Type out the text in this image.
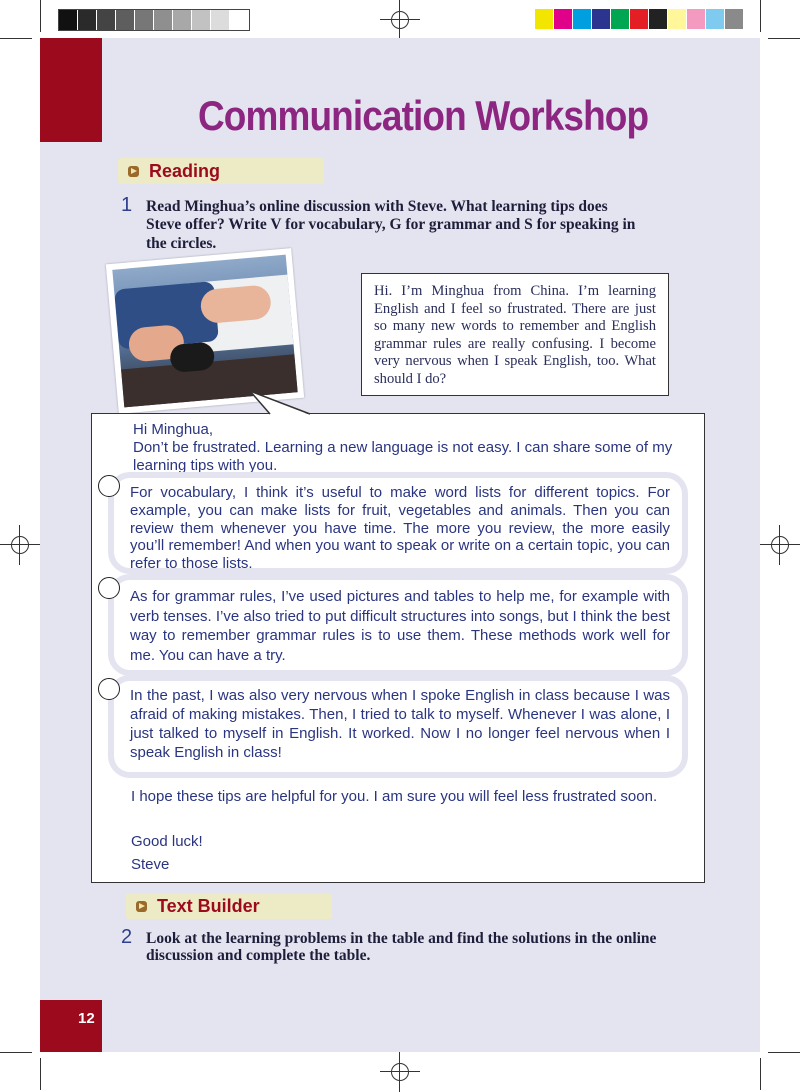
Communication Workshop
Reading
1 Read Minghua’s online discussion with Steve. What learning tips does
Steve offer? Write V for vocabulary, G for grammar and S for speaking in
the circles.
Hi. I’m Minghua from China. I’m learning English and I feel so frustrated. There are just so many new words to remember and English grammar rules are really confusing. I become very nervous when I speak English, too. What should I do?
Hi Minghua,
Don’t be frustrated. Learning a new language is not easy. I can share some of my learning tips with you.
For vocabulary, I think it’s useful to make word lists for different topics. For example, you can make lists for fruit, vegetables and animals. Then you can review them whenever you have time. The more you review, the more easily you’ll remember! And when you want to speak or write on a certain topic, you can refer to those lists.
As for grammar rules, I’ve used pictures and tables to help me, for example with verb tenses. I’ve also tried to put difficult structures into songs, but I think the best way to remember grammar rules is to use them. These methods work well for me. You can have a try.
In the past, I was also very nervous when I spoke English in class because I was afraid of making mistakes. Then, I tried to talk to myself. Whenever I was alone, I just talked to myself in English. It worked. Now I no longer feel nervous when I speak English in class!
I hope these tips are helpful for you. I am sure you will feel less frustrated soon.
Good luck!
Steve
Text Builder
2 Look at the learning problems in the table and find the solutions in the online
discussion and complete the table.
12
